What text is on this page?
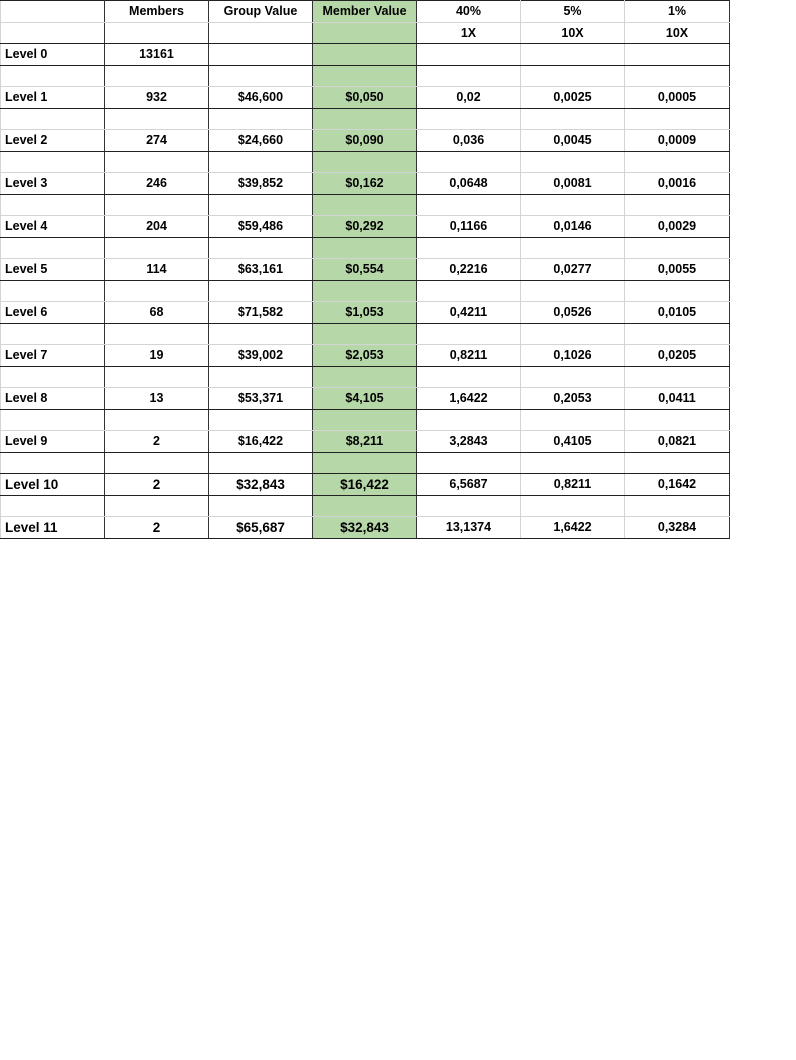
	Members	Group Value	Member Value	40%	5%	1%
				1X	10X	10X
Level 0	13161					

Level 1	932	$46,600	$0,050	0,02	0,0025	0,0005

Level 2	274	$24,660	$0,090	0,036	0,0045	0,0009

Level 3	246	$39,852	$0,162	0,0648	0,0081	0,0016

Level 4	204	$59,486	$0,292	0,1166	0,0146	0,0029

Level 5	114	$63,161	$0,554	0,2216	0,0277	0,0055

Level 6	68	$71,582	$1,053	0,4211	0,0526	0,0105

Level 7	19	$39,002	$2,053	0,8211	0,1026	0,0205

Level 8	13	$53,371	$4,105	1,6422	0,2053	0,0411

Level 9	2	$16,422	$8,211	3,2843	0,4105	0,0821

Level 10	2	$32,843	$16,422	6,5687	0,8211	0,1642

Level 11	2	$65,687	$32,843	13,1374	1,6422	0,3284
